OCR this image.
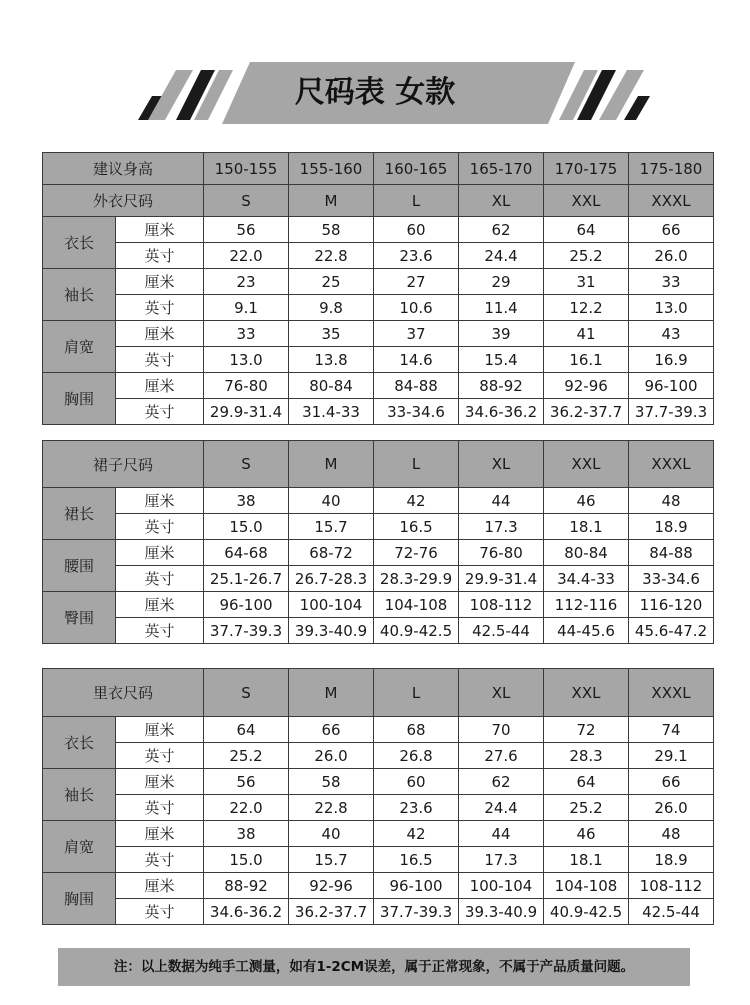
尺码表 女款
建议身高		150-155	155-160	160-165	165-170	170-175	175-180
外衣尺码		S	M	L	XL	XXL	XXXL
衣长	厘米	56	58	60	62	64	66
	英寸	22.0	22.8	23.6	24.4	25.2	26.0
袖长	厘米	23	25	27	29	31	33
	英寸	9.1	9.8	10.6	11.4	12.2	13.0
肩宽	厘米	33	35	37	39	41	43
	英寸	13.0	13.8	14.6	15.4	16.1	16.9
胸围	厘米	76-80	80-84	84-88	88-92	92-96	96-100
	英寸	29.9-31.4	31.4-33	33-34.6	34.6-36.2	36.2-37.7	37.7-39.3
裙子尺码		S	M	L	XL	XXL	XXXL
裙长	厘米	38	40	42	44	46	48
	英寸	15.0	15.7	16.5	17.3	18.1	18.9
腰围	厘米	64-68	68-72	72-76	76-80	80-84	84-88
	英寸	25.1-26.7	26.7-28.3	28.3-29.9	29.9-31.4	34.4-33	33-34.6
臀围	厘米	96-100	100-104	104-108	108-112	112-116	116-120
	英寸	37.7-39.3	39.3-40.9	40.9-42.5	42.5-44	44-45.6	45.6-47.2
里衣尺码		S	M	L	XL	XXL	XXXL
衣长	厘米	64	66	68	70	72	74
	英寸	25.2	26.0	26.8	27.6	28.3	29.1
袖长	厘米	56	58	60	62	64	66
	英寸	22.0	22.8	23.6	24.4	25.2	26.0
肩宽	厘米	38	40	42	44	46	48
	英寸	15.0	15.7	16.5	17.3	18.1	18.9
胸围	厘米	88-92	92-96	96-100	100-104	104-108	108-112
	英寸	34.6-36.2	36.2-37.7	37.7-39.3	39.3-40.9	40.9-42.5	42.5-44
注：以上数据为纯手工测量，如有1-2CM误差，属于正常现象，不属于产品质量问题。
